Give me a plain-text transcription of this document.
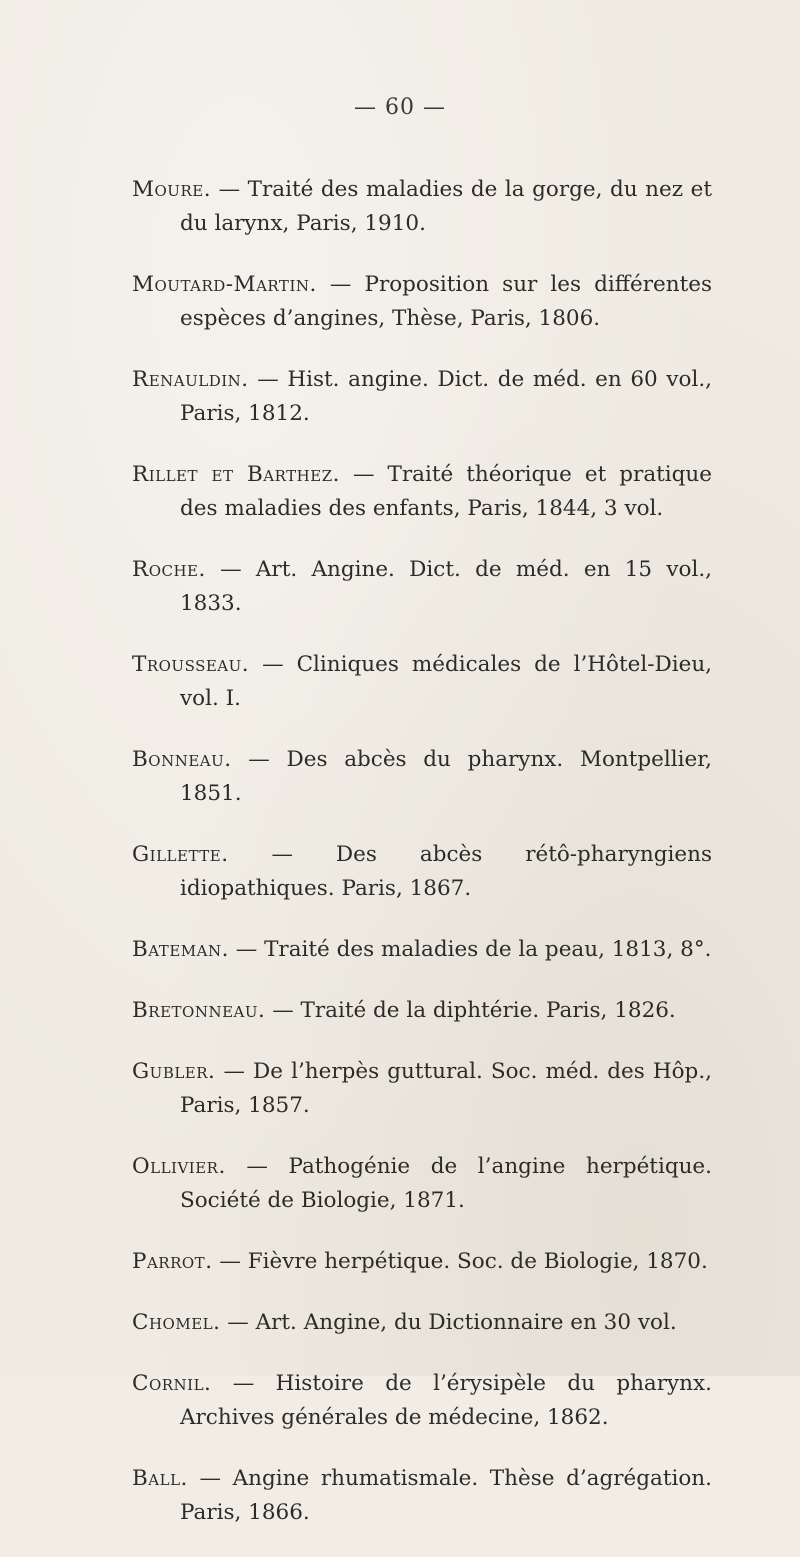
— 60 —

Moure. — Traité des maladies de la gorge, du nez et du larynx, Paris, 1910.

Moutard-Martin. — Proposition sur les différentes espèces d’angines, Thèse, Paris, 1806.

Renauldin. — Hist. angine. Dict. de méd. en 60 vol., Paris, 1812.

Rillet et Barthez. — Traité théorique et pratique des maladies des enfants, Paris, 1844, 3 vol.

Roche. — Art. Angine. Dict. de méd. en 15 vol., 1833.

Trousseau. — Cliniques médicales de l’Hôtel-Dieu, vol. I.

Bonneau. — Des abcès du pharynx. Montpellier, 1851.

Gillette. — Des abcès rétô-pharyngiens idiopathiques. Paris, 1867.

Bateman. — Traité des maladies de la peau, 1813, 8°.

Bretonneau. — Traité de la diphtérie. Paris, 1826.

Gubler. — De l’herpès guttural. Soc. méd. des Hôp., Paris, 1857.

Ollivier. — Pathogénie de l’angine herpétique. Société de Biologie, 1871.

Parrot. — Fièvre herpétique. Soc. de Biologie, 1870.

Chomel. — Art. Angine, du Dictionnaire en 30 vol.

Cornil. — Histoire de l’érysipèle du pharynx. Archives générales de médecine, 1862.

Ball. — Angine rhumatismale. Thèse d’agrégation. Paris, 1866.
